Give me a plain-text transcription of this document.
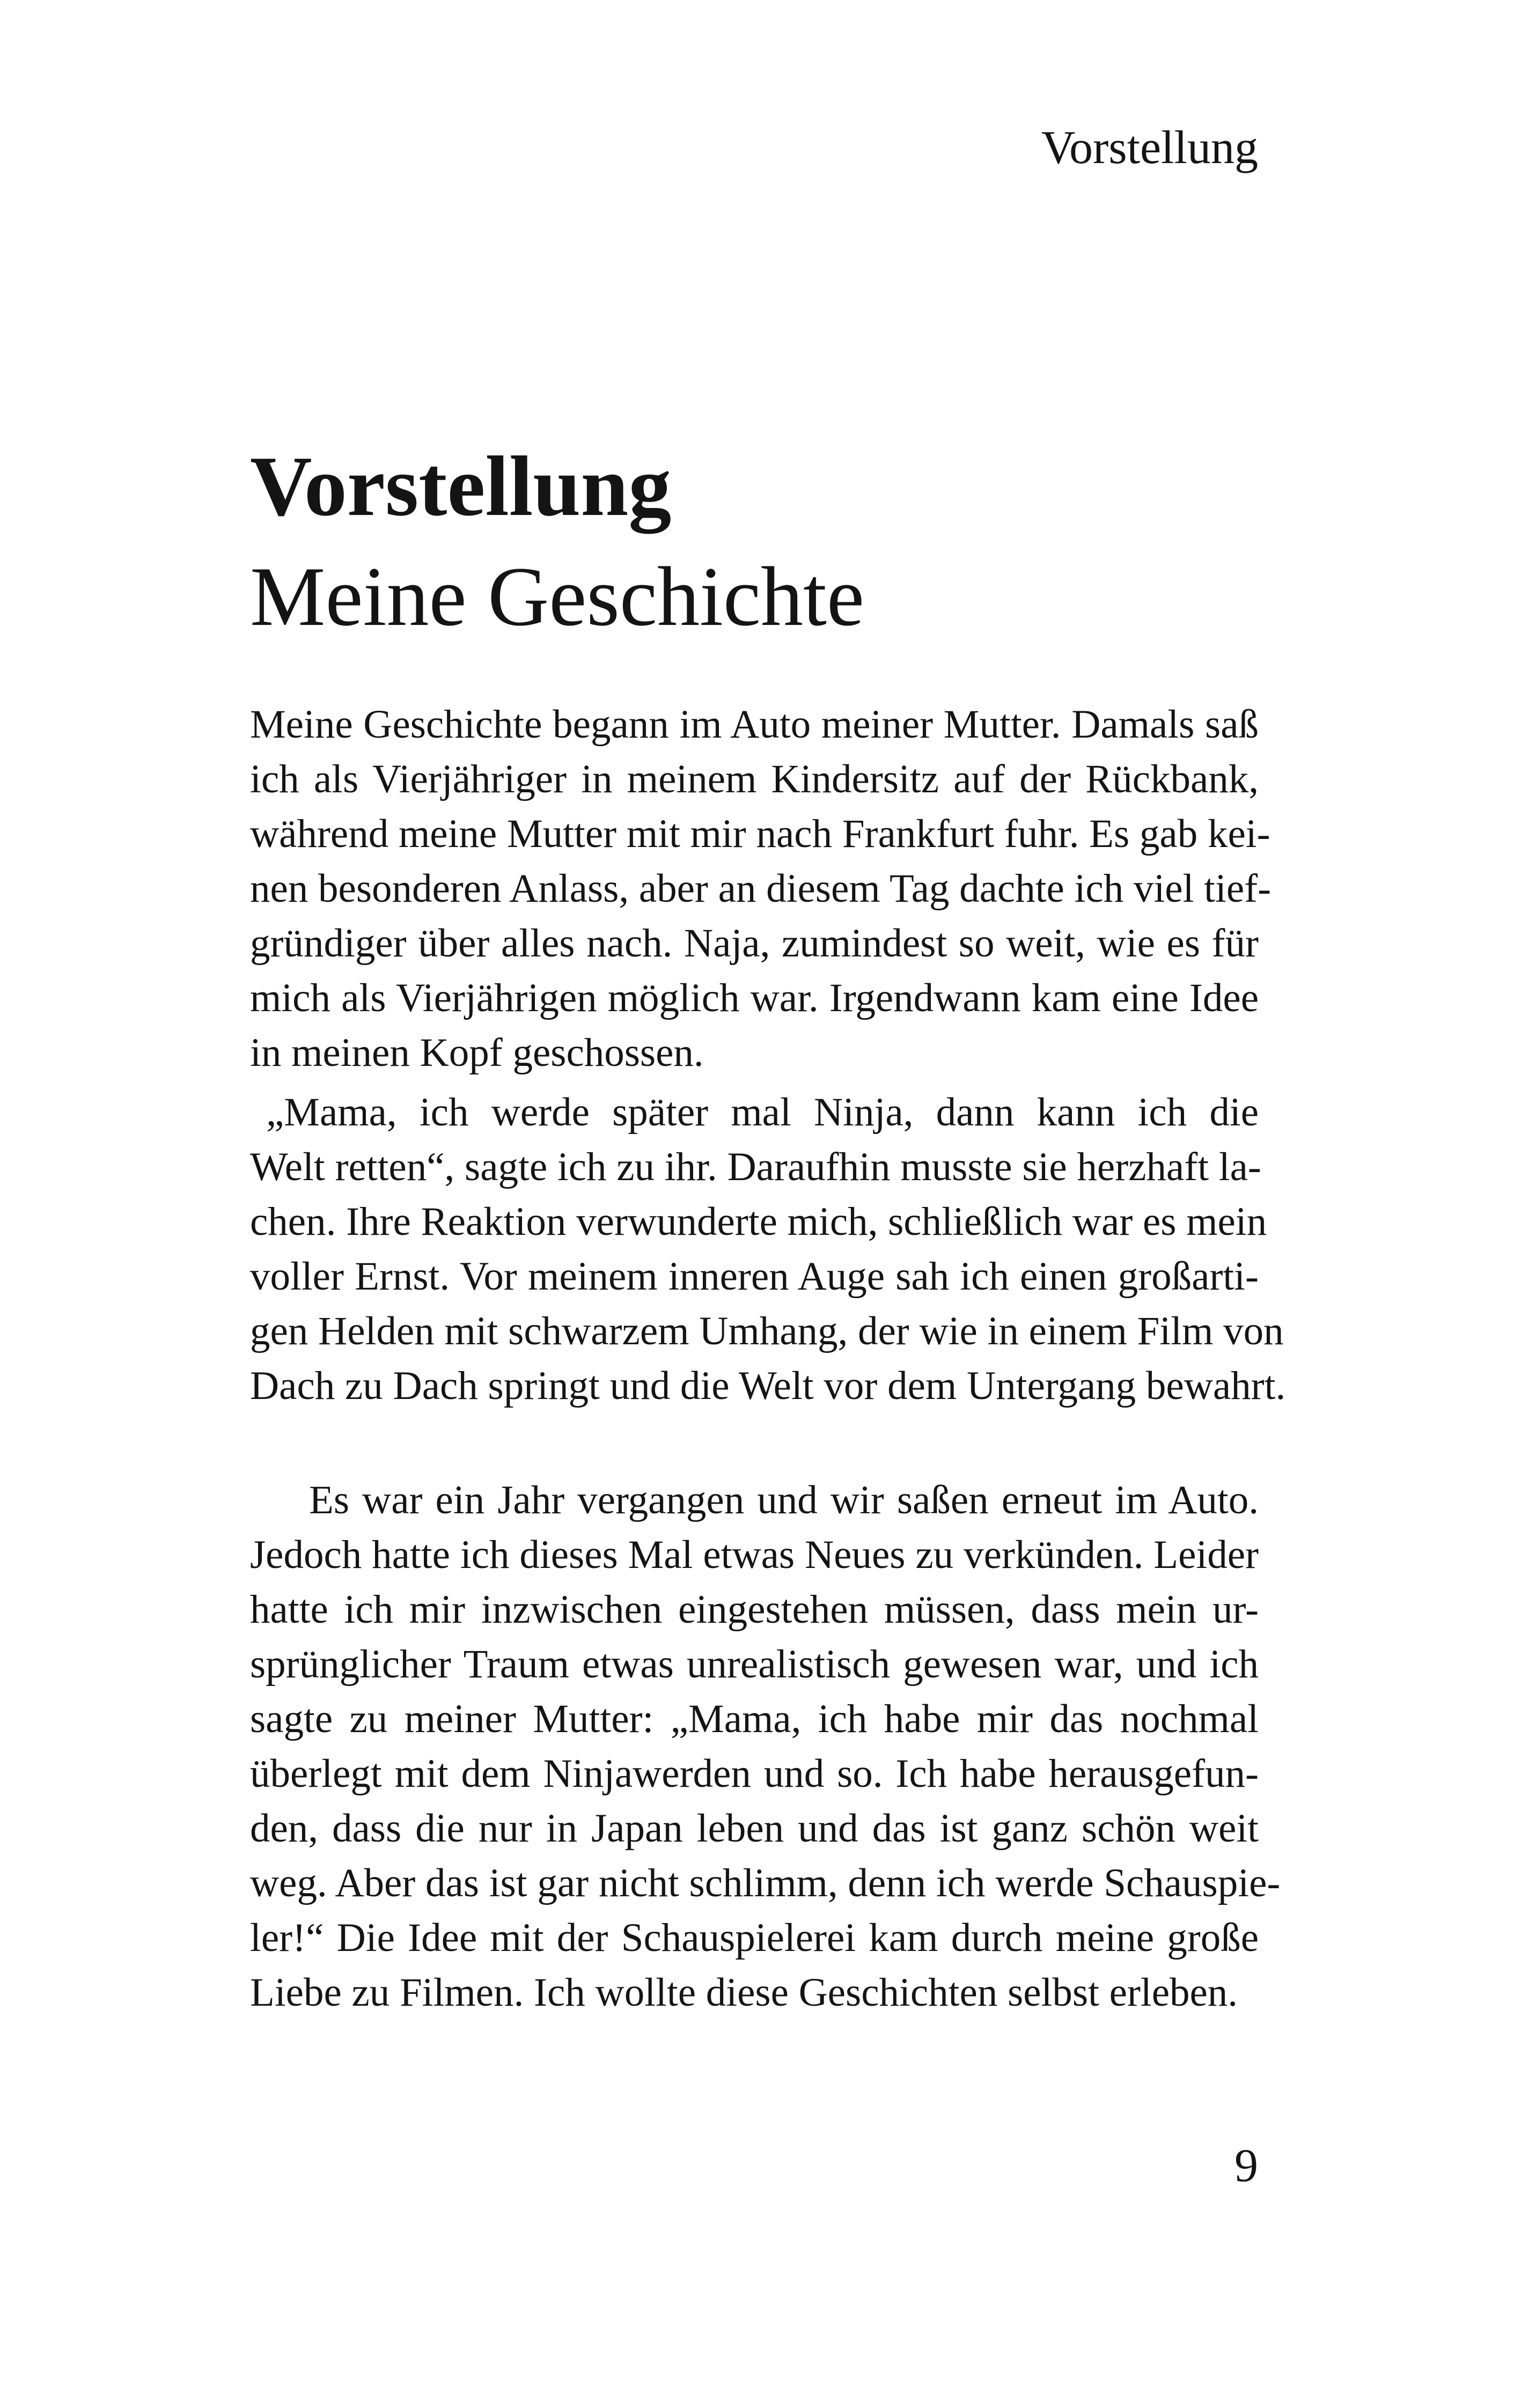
Vorstellung
Vorstellung
Meine Geschichte
Meine Geschichte begann im Auto meiner Mutter. Damals saß
ich als Vierjähriger in meinem Kindersitz auf der Rückbank,
während meine Mutter mit mir nach Frankfurt fuhr. Es gab kei-
nen besonderen Anlass, aber an diesem Tag dachte ich viel tief-
gründiger über alles nach. Naja, zumindest so weit, wie es für
mich als Vierjährigen möglich war. Irgendwann kam eine Idee
in meinen Kopf geschossen.
„Mama, ich werde später mal Ninja, dann kann ich die
Welt retten“, sagte ich zu ihr. Daraufhin musste sie herzhaft la-
chen. Ihre Reaktion verwunderte mich, schließlich war es mein
voller Ernst. Vor meinem inneren Auge sah ich einen großarti-
gen Helden mit schwarzem Umhang, der wie in einem Film von
Dach zu Dach springt und die Welt vor dem Untergang bewahrt.
Es war ein Jahr vergangen und wir saßen erneut im Auto.
Jedoch hatte ich dieses Mal etwas Neues zu verkünden. Leider
hatte ich mir inzwischen eingestehen müssen, dass mein ur-
sprünglicher Traum etwas unrealistisch gewesen war, und ich
sagte zu meiner Mutter: „Mama, ich habe mir das nochmal
überlegt mit dem Ninjawerden und so. Ich habe herausgefun-
den, dass die nur in Japan leben und das ist ganz schön weit
weg. Aber das ist gar nicht schlimm, denn ich werde Schauspie-
ler!“ Die Idee mit der Schauspielerei kam durch meine große
Liebe zu Filmen. Ich wollte diese Geschichten selbst erleben.
9
